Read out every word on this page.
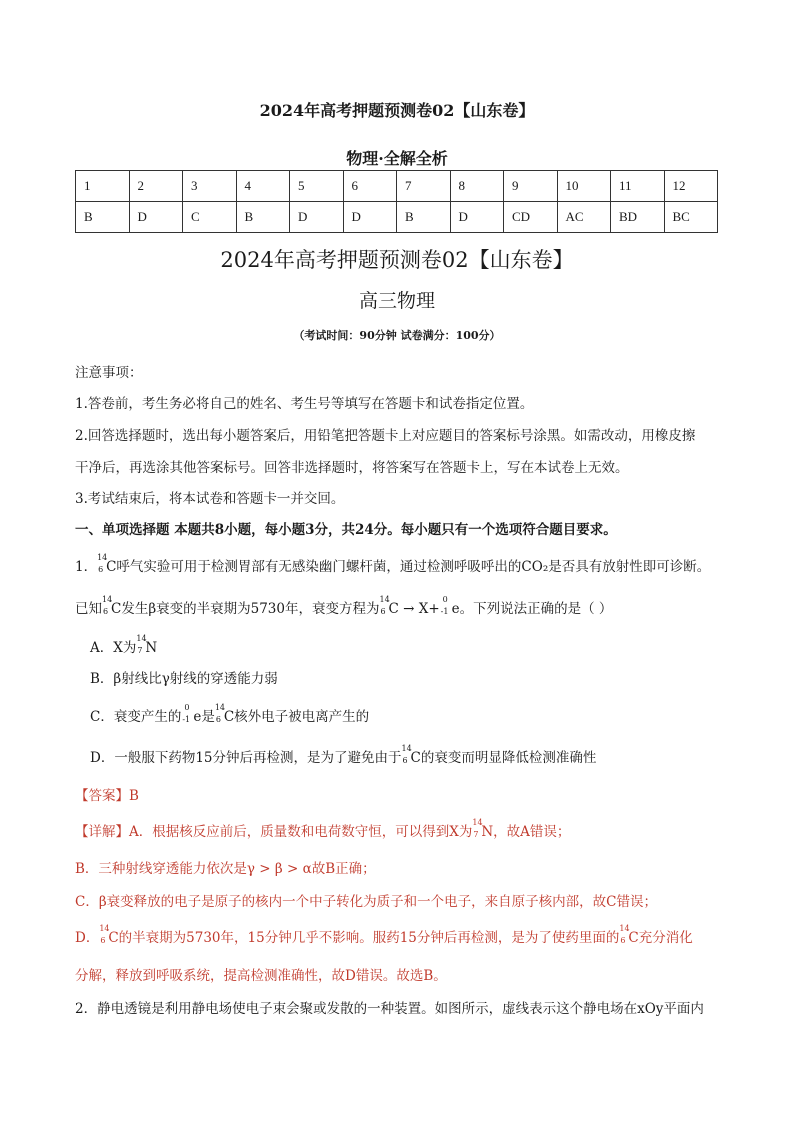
2024年高考押题预测卷02【山东卷】
物理·全解全析
1	2	3	4	5	6	7	8	9	10	11	12
B	D	C	B	D	D	B	D	CD	AC	BD	BC
2024年高考押题预测卷02【山东卷】
高三物理
（考试时间：90分钟 试卷满分：100分）
注意事项：
1.答卷前，考生务必将自己的姓名、考生号等填写在答题卡和试卷指定位置。
2.回答选择题时，选出每小题答案后，用铅笔把答题卡上对应题目的答案标号涂黑。如需改动，用橡皮擦
干净后，再选涂其他答案标号。回答非选择题时，将答案写在答题卡上，写在本试卷上无效。
3.考试结束后，将本试卷和答题卡一并交回。
一、单项选择题 本题共8小题，每小题3分，共24分。每小题只有一个选项符合题目要求。
1．
14
6 C呼气实验可用于检测胃部有无感染幽门螺杆菌，通过检测呼吸呼出的CO₂是否具有放射性即可诊断。
已知
14
6 C发生β衰变的半衰期为5730年，衰变方程为
14
6 C → X+
0
-1 e。下列说法正确的是（ ）
A．X为
14
7 N
B．β射线比γ射线的穿透能力弱
C．衰变产生的
0
-1 e是
14
6 C核外电子被电离产生的
D．一般服下药物15分钟后再检测，是为了避免由于
14
6 C的衰变而明显降低检测准确性
【答案】B
【详解】A．根据核反应前后，质量数和电荷数守恒，可以得到X为
14
7 N，故A错误；
B．三种射线穿透能力依次是γ > β > α故B正确；
C．β衰变释放的电子是原子的核内一个中子转化为质子和一个电子，来自原子核内部，故C错误；
D．
14
6 C的半衰期为5730年，15分钟几乎不影响。服药15分钟后再检测，是为了使药里面的
14
6 C充分消化
分解，释放到呼吸系统，提高检测准确性，故D错误。故选B。
2．静电透镜是利用静电场使电子束会聚或发散的一种装置。如图所示，虚线表示这个静电场在xOy平面内
